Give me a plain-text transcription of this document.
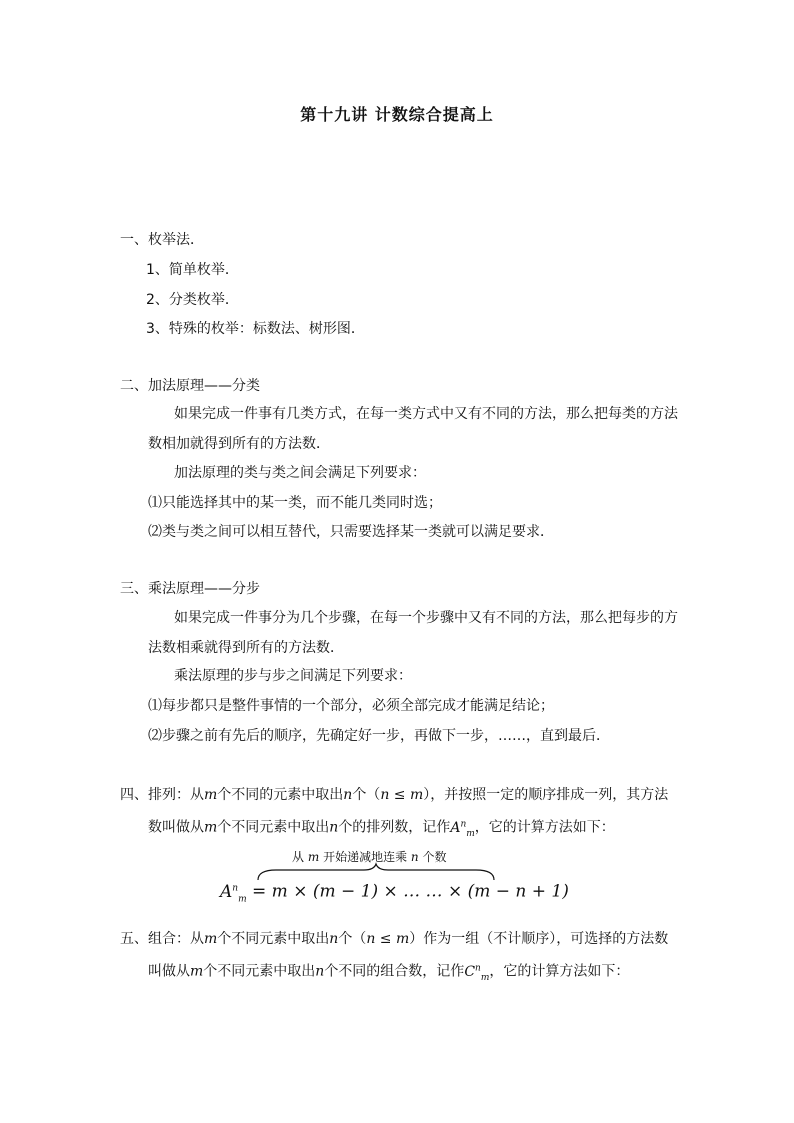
第十九讲 计数综合提高上
一、枚举法．
1、简单枚举．
2、分类枚举．
3、特殊的枚举：标数法、树形图．
二、加法原理——分类
如果完成一件事有几类方式，在每一类方式中又有不同的方法，那么把每类的方法
数相加就得到所有的方法数．
加法原理的类与类之间会满足下列要求：
⑴只能选择其中的某一类，而不能几类同时选；
⑵类与类之间可以相互替代，只需要选择某一类就可以满足要求．
三、乘法原理——分步
如果完成一件事分为几个步骤，在每一个步骤中又有不同的方法，那么把每步的方
法数相乘就得到所有的方法数．
乘法原理的步与步之间满足下列要求：
⑴每步都只是整件事情的一个部分，必须全部完成才能满足结论；
⑵步骤之前有先后的顺序，先确定好一步，再做下一步，……，直到最后．
四、排列：从m个不同的元素中取出n个（n ≤ m），并按照一定的顺序排成一列，其方法
数叫做从m个不同元素中取出n个的排列数，记作$A^n_m$，它的计算方法如下：
从 m 开始递减地连乘 n 个数
$A^n_m = m \times (m - 1)$ × … … × (m − n + 1)
五、组合：从m个不同元素中取出n个（n ≤ m）作为一组（不计顺序），可选择的方法数
叫做从m个不同元素中取出n个不同的组合数，记作$C^n_m$，它的计算方法如下：
